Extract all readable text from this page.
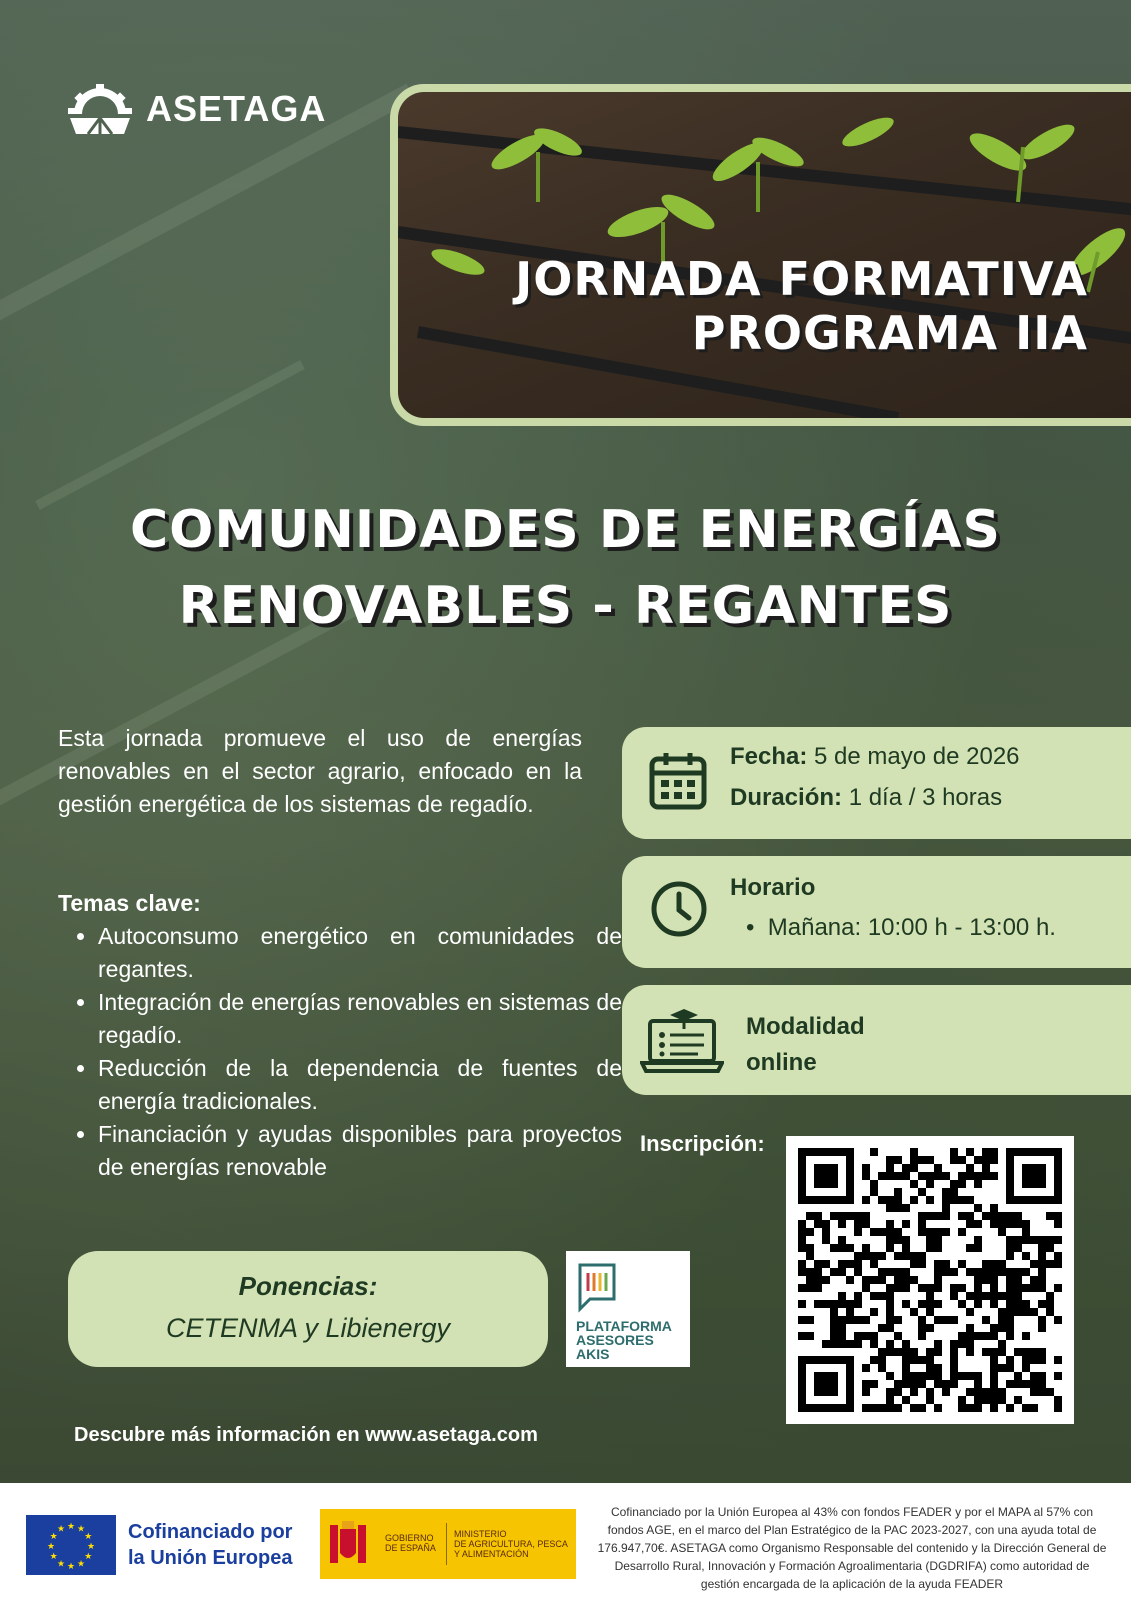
ASETAGA
JORNADA FORMATIVA
PROGRAMA IIA
COMUNIDADES DE ENERGÍAS
RENOVABLES - REGANTES
Esta jornada promueve el uso de energías renovables en el sector agrario, enfocado en la gestión energética de los sistemas de regadío.
Temas clave:
• Autoconsumo energético en comunidades de regantes.
• Integración de energías renovables en sistemas de regadío.
• Reducción de la dependencia de fuentes de energía tradicionales.
• Financiación y ayudas disponibles para proyectos de energías renovable
Fecha: 5 de mayo de 2026
Duración: 1 día / 3 horas
Horario
•  Mañana: 10:00 h - 13:00 h.
Modalidad
online
Inscripción:
Ponencias:
CETENMA y Libienergy	PLATAFORMA
ASESORES
AKIS
Descubre más información en www.asetaga.com
★
★
★
★
★
★
★
★
★ ★ ★
★ Cofinanciado por
la Unión Europea
GOBIERNO
DE ESPAÑA
MINISTERIO
DE AGRICULTURA, PESCA
Y ALIMENTACIÓN
Cofinanciado por la Unión Europea al 43% con fondos FEADER y por el MAPA al 57% con fondos AGE, en el marco del Plan Estratégico de la PAC 2023-2027, con una ayuda total de 176.947,70€. ASETAGA como Organismo Responsable del contenido y la Dirección General de Desarrollo Rural, Innovación y Formación Agroalimentaria (DGDRIFA) como autoridad de gestión encargada de la aplicación de la ayuda FEADER
